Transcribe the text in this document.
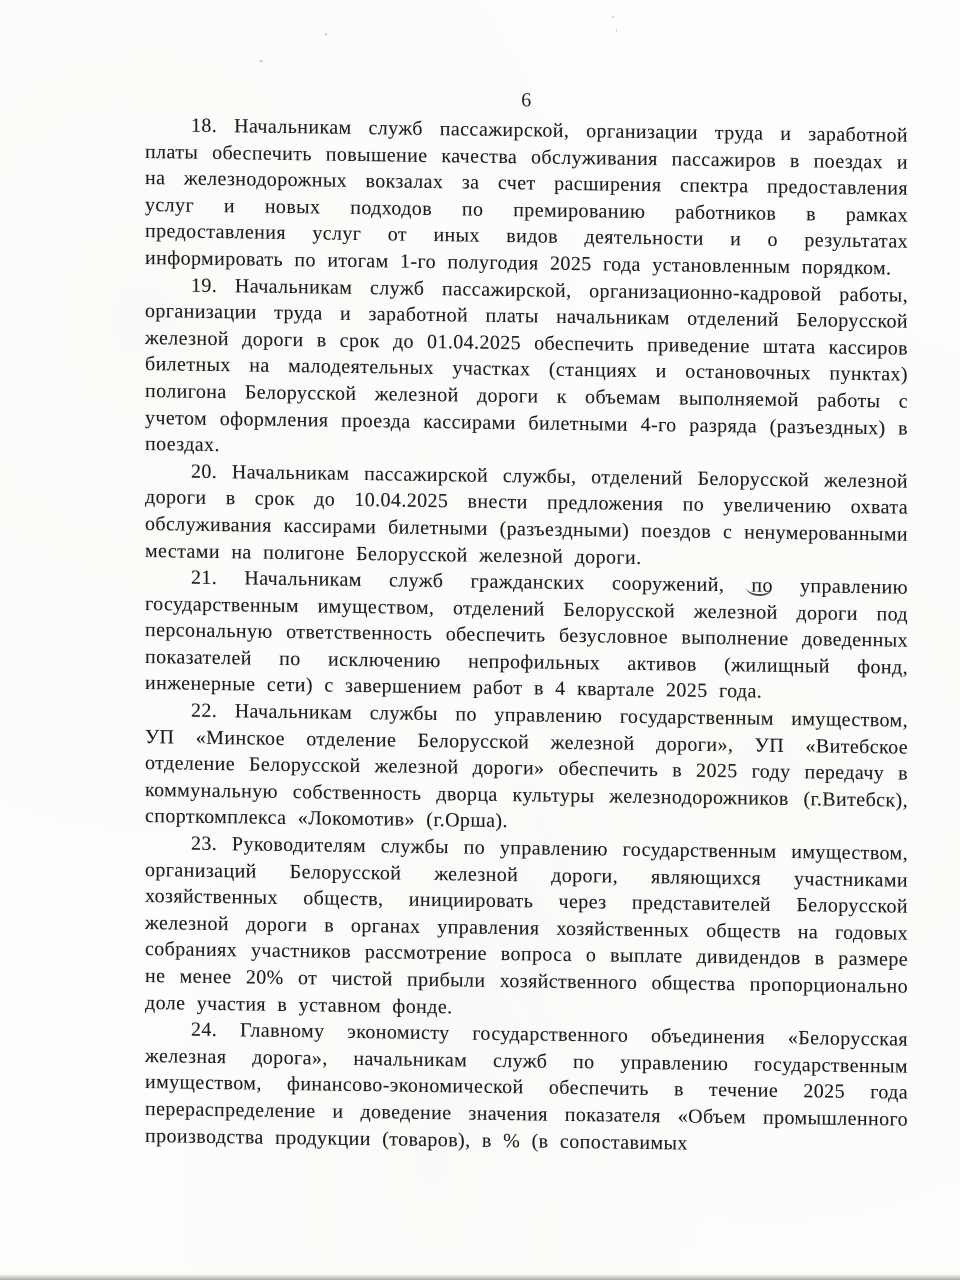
6

18. Начальникам служб пассажирской, организации труда и заработной платы обеспечить повышение качества обслуживания пассажиров в поездах и на железнодорожных вокзалах за счет расширения спектра предоставления услуг и новых подходов по премированию работников в рамках предоставления услуг от иных видов деятельности и о результатах информировать по итогам 1-го полугодия 2025 года установленным порядком.

19. Начальникам служб пассажирской, организационно-кадровой работы, организации труда и заработной платы начальникам отделений Белорусской железной дороги в срок до 01.04.2025 обеспечить приведение штата кассиров билетных на малодеятельных участках (станциях и остановочных пунктах) полигона Белорусской железной дороги к объемам выполняемой работы с учетом оформления проезда кассирами билетными 4-го разряда (разъездных) в поездах.

20. Начальникам пассажирской службы, отделений Белорусской железной дороги в срок до 10.04.2025 внести предложения по увеличению охвата обслуживания кассирами билетными (разъездными) поездов с ненумерованными местами на полигоне Белорусской железной дороги.

21. Начальникам служб гражданских сооружений, по управлению государственным имуществом, отделений Белорусской железной дороги под персональную ответственность обеспечить безусловное выполнение доведенных показателей по исключению непрофильных активов (жилищный фонд, инженерные сети) с завершением работ в 4 квартале 2025 года.

22. Начальникам службы по управлению государственным имуществом, УП «Минское отделение Белорусской железной дороги», УП «Витебское отделение Белорусской железной дороги» обеспечить в 2025 году передачу в коммунальную собственность дворца культуры железнодорожников (г.Витебск), спорткомплекса «Локомотив» (г.Орша).

23. Руководителям службы по управлению государственным имуществом, организаций Белорусской железной дороги, являющихся участниками хозяйственных обществ, инициировать через представителей Белорусской железной дороги в органах управления хозяйственных обществ на годовых собраниях участников рассмотрение вопроса о выплате дивидендов в размере не менее 20% от чистой прибыли хозяйственного общества пропорционально доле участия в уставном фонде.

24. Главному экономисту государственного объединения «Белорусская железная дорога», начальникам служб по управлению государственным имуществом, финансово-экономической обеспечить в течение 2025 года перераспределение и доведение значения показателя «Объем промышленного производства продукции (товаров), в % (в сопоставимых
